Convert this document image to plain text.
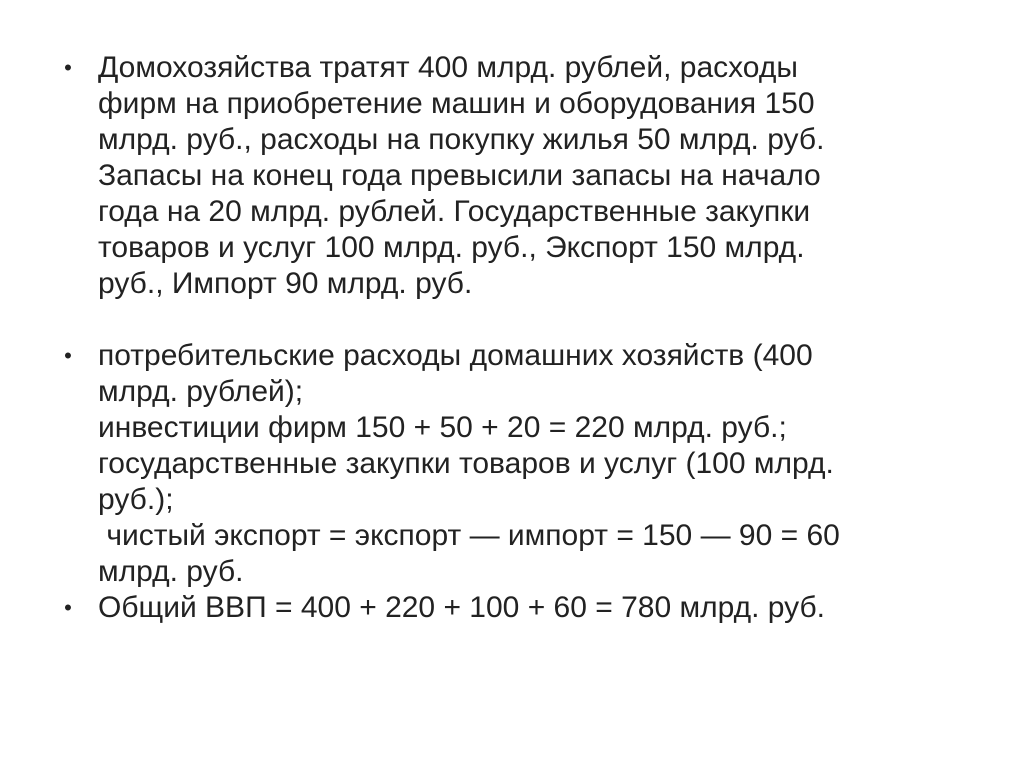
• Домохозяйства тратят 400 млрд. рублей, расходы
фирм на приобретение машин и оборудования 150
млрд. руб., расходы на покупку жилья 50 млрд. руб.
Запасы на конец года превысили запасы на начало
года на 20 млрд. рублей. Государственные закупки
товаров и услуг 100 млрд. руб., Экспорт 150 млрд.
руб., Импорт 90 млрд. руб.
• потребительские расходы домашних хозяйств (400
млрд. рублей);
инвестиции фирм 150 + 50 + 20 = 220 млрд. руб.;
государственные закупки товаров и услуг (100 млрд.
руб.);
чистый экспорт = экспорт — импорт = 150 — 90 = 60
млрд. руб.
• Общий ВВП = 400 + 220 + 100 + 60 = 780 млрд. руб.
